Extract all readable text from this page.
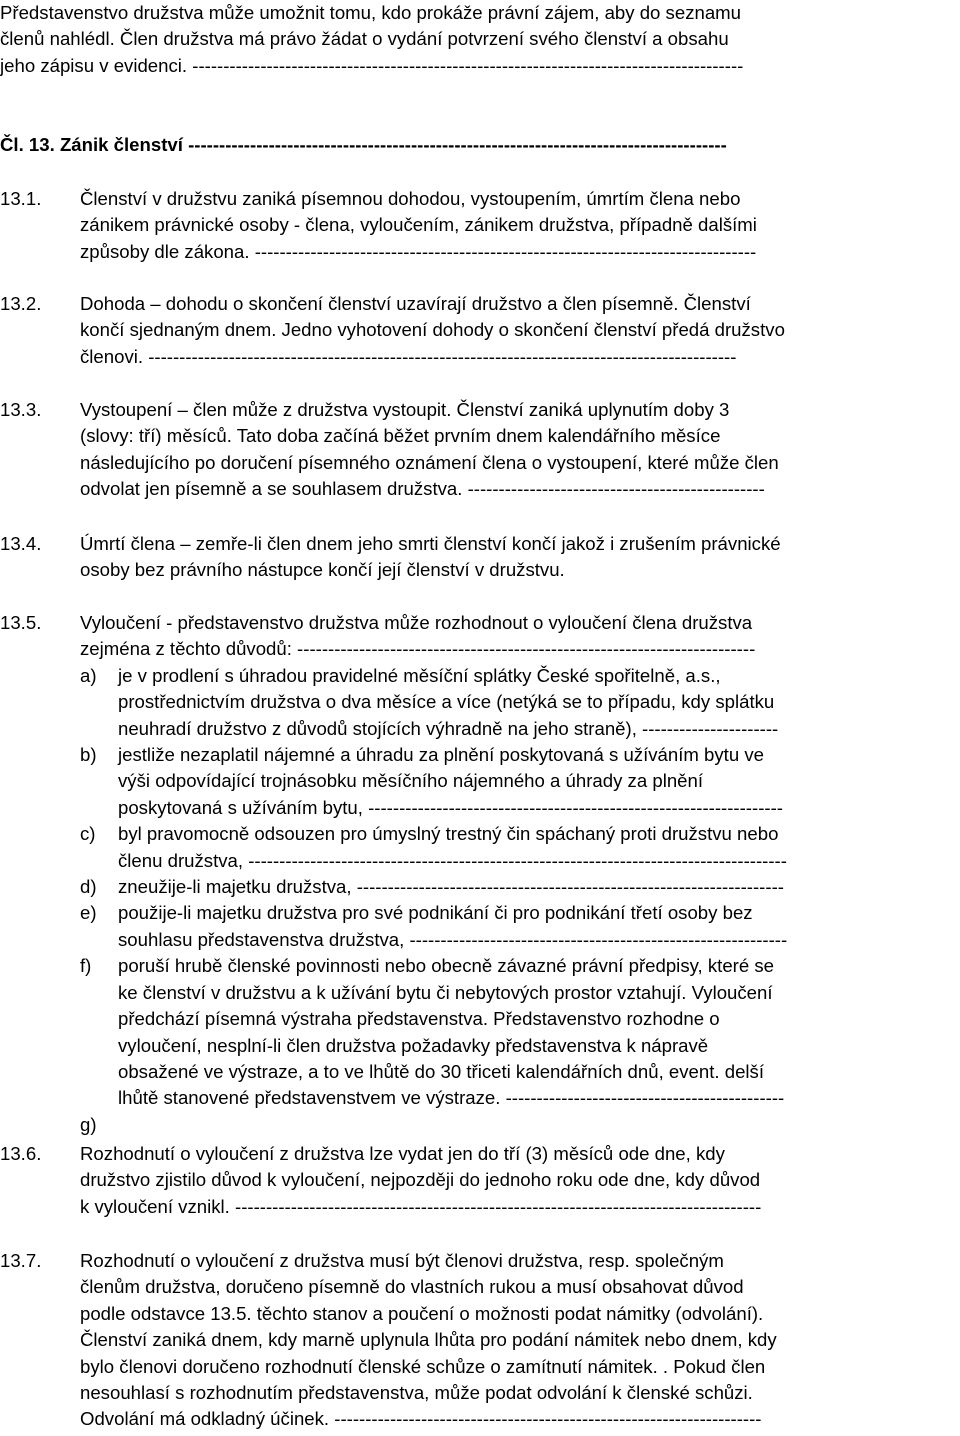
Představenstvo družstva může umožnit tomu, kdo prokáže právní zájem, aby do seznamu
členů nahlédl. Člen družstva má právo žádat o vydání potvrzení svého členství a obsahu
jeho zápisu v evidenci. -----------------------------------------------------------------------------------------
Čl. 13. Zánik členství ---------------------------------------------------------------------------------------
13.1.	Členství v družstvu zaniká písemnou dohodou, vystoupením, úmrtím člena nebo
zánikem právnické osoby - člena, vyloučením, zánikem družstva, případně dalšími
způsoby dle zákona. ---------------------------------------------------------------------------------
13.2.	Dohoda – dohodu o skončení členství uzavírají družstvo a člen písemně. Členství
končí sjednaným dnem. Jedno vyhotovení dohody o skončení členství předá družstvo
členovi. -----------------------------------------------------------------------------------------------
13.3.	Vystoupení – člen může z družstva vystoupit. Členství zaniká uplynutím doby 3
(slovy: tří) měsíců. Tato doba začíná běžet prvním dnem kalendářního měsíce
následujícího po doručení písemného oznámení člena o vystoupení, které může člen
odvolat jen písemně a se souhlasem družstva. ------------------------------------------------
13.4.	Úmrtí člena – zemře-li člen dnem jeho smrti členství končí jakož i zrušením právnické
osoby bez právního nástupce končí její členství v družstvu.
13.5.	Vyloučení - představenstvo družstva může rozhodnout o vyloučení člena družstva
zejména z těchto důvodů: --------------------------------------------------------------------------
a) je v prodlení s úhradou pravidelné měsíční splátky České spořitelně, a.s.,
prostřednictvím družstva o dva měsíce a více (netýká se to případu, kdy splátku
neuhradí družstvo z důvodů stojících výhradně na jeho straně), ----------------------
b) jestliže nezaplatil nájemné a úhradu za plnění poskytovaná s užíváním bytu ve
výši odpovídající trojnásobku měsíčního nájemného a úhrady za plnění
poskytovaná s užíváním bytu, -------------------------------------------------------------------
c) byl pravomocně odsouzen pro úmyslný trestný čin spáchaný proti družstvu nebo
členu družstva, ---------------------------------------------------------------------------------------
d) zneužije-li majetku družstva, ---------------------------------------------------------------------
e) použije-li majetku družstva pro své podnikání či pro podnikání třetí osoby bez
souhlasu představenstva družstva, -------------------------------------------------------------
f) poruší hrubě členské povinnosti nebo obecně závazné právní předpisy, které se
ke členství v družstvu a k užívání bytu či nebytových prostor vztahují. Vyloučení
předchází písemná výstraha představenstva. Představenstvo rozhodne o
vyloučení, nesplní-li člen družstva požadavky představenstva k nápravě
obsažené ve výstraze, a to ve lhůtě do 30 třiceti kalendářních dnů, event. delší
lhůtě stanovené představenstvem ve výstraze. ---------------------------------------------
g)

13.6.	Rozhodnutí o vyloučení z družstva lze vydat jen do tří (3) měsíců ode dne, kdy
družstvo zjistilo důvod k vyloučení, nejpozději do jednoho roku ode dne, kdy důvod
k vyloučení vznikl. -------------------------------------------------------------------------------------
13.7.	Rozhodnutí o vyloučení z družstva musí být členovi družstva, resp. společným
členům družstva, doručeno písemně do vlastních rukou a musí obsahovat důvod
podle odstavce 13.5. těchto stanov a poučení o možnosti podat námitky (odvolání).
Členství zaniká dnem, kdy marně uplynula lhůta pro podání námitek nebo dnem, kdy
bylo členovi doručeno rozhodnutí členské schůze o zamítnutí námitek. . Pokud člen
nesouhlasí s rozhodnutím představenstva, může podat odvolání k členské schůzi.
Odvolání má odkladný účinek. ---------------------------------------------------------------------
